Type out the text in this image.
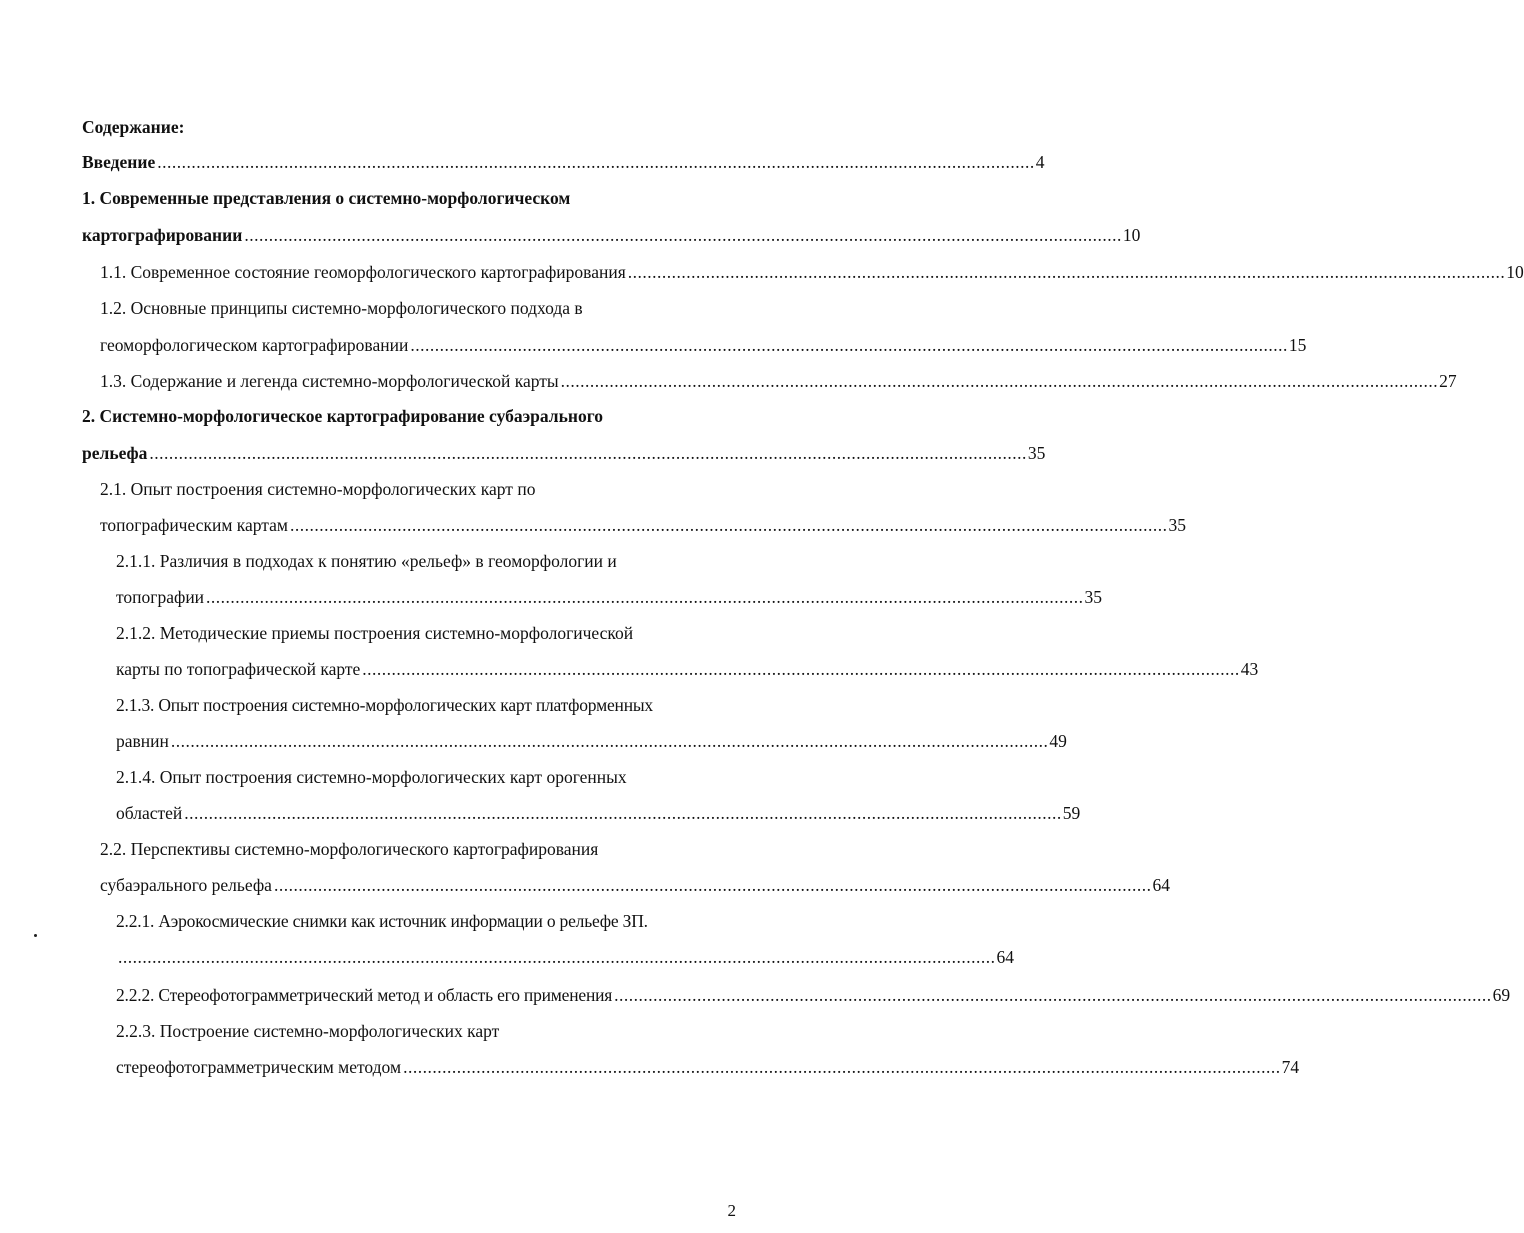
Содержание:
Введение .................................................................................................................................................................................... 4
1. Современные представления о системно-морфологическом
картографировании .................................................................................................................................................................................... 10
1.1. Современное состояние геоморфологического картографирования .................................................................................................................................................................................... 10
1.2. Основные принципы системно-морфологического подхода в
геоморфологическом картографировании .................................................................................................................................................................................... 15
1.3. Содержание и легенда системно-морфологической карты .................................................................................................................................................................................... 27
2. Системно-морфологическое картографирование субаэрального
рельефа .................................................................................................................................................................................... 35
2.1. Опыт построения системно-морфологических карт по
топографическим картам .................................................................................................................................................................................... 35
2.1.1. Различия в подходах к понятию «рельеф» в геоморфологии и
топографии .................................................................................................................................................................................... 35
2.1.2. Методические приемы построения системно-морфологической
карты по топографической карте .................................................................................................................................................................................... 43
2.1.3. Опыт построения системно-морфологических карт платформенных
равнин .................................................................................................................................................................................... 49
2.1.4. Опыт построения системно-морфологических карт орогенных
областей .................................................................................................................................................................................... 59
2.2. Перспективы системно-морфологического картографирования
субаэрального рельефа .................................................................................................................................................................................... 64
2.2.1. Аэрокосмические снимки как источник информации о рельефе ЗП.
.................................................................................................................................................................................... 64
2.2.2. Стереофотограмметрический метод и область его применения .................................................................................................................................................................................... 69
2.2.3. Построение системно-морфологических карт
стереофотограмметрическим методом .................................................................................................................................................................................... 74
2
